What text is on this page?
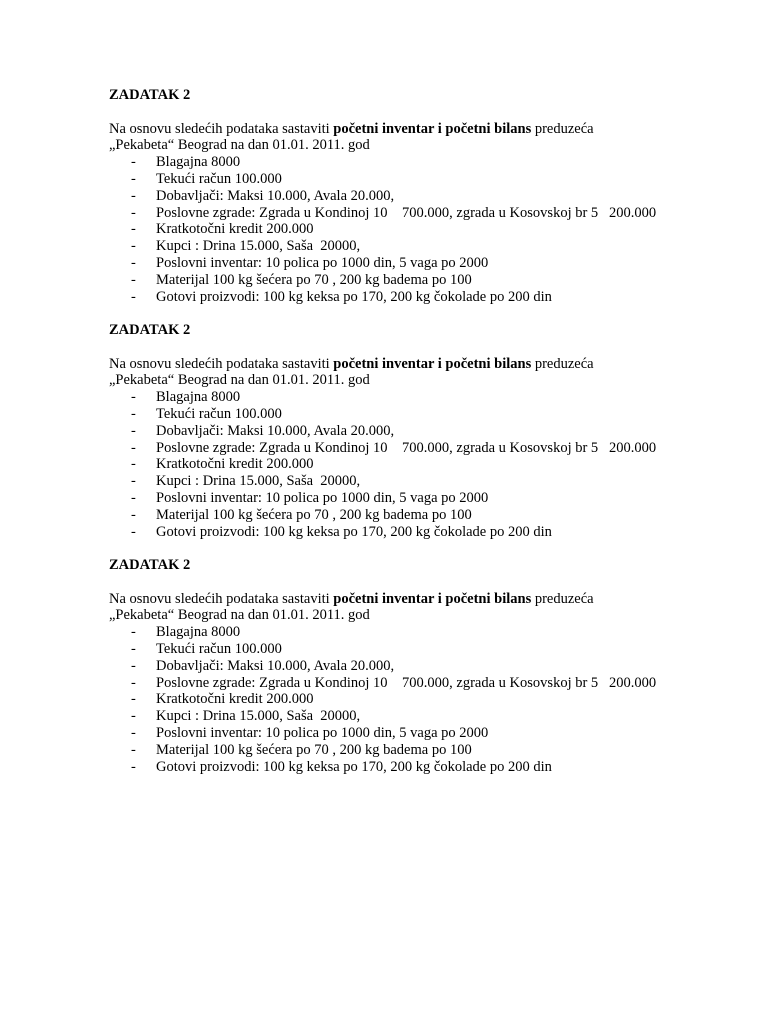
ZADATAK 2

Na osnovu sledećih podataka sastaviti početni inventar i početni bilans preduzeća
„Pekabeta“ Beograd na dan 01.01. 2011. god

- Blagajna 8000
- Tekući račun 100.000
- Dobavljači: Maksi 10.000, Avala 20.000,
- Poslovne zgrade: Zgrada u Kondinoj 10    700.000, zgrada u Kosovskoj br 5   200.000
- Kratkotočni kredit 200.000
- Kupci : Drina 15.000, Saša  20000,
- Poslovni inventar: 10 polica po 1000 din, 5 vaga po 2000
- Materijal 100 kg šećera po 70 , 200 kg badema po 100
- Gotovi proizvodi: 100 kg keksa po 170, 200 kg čokolade po 200 din
ZADATAK 2

Na osnovu sledećih podataka sastaviti početni inventar i početni bilans preduzeća
„Pekabeta“ Beograd na dan 01.01. 2011. god

- Blagajna 8000
- Tekući račun 100.000
- Dobavljači: Maksi 10.000, Avala 20.000,
- Poslovne zgrade: Zgrada u Kondinoj 10    700.000, zgrada u Kosovskoj br 5   200.000
- Kratkotočni kredit 200.000
- Kupci : Drina 15.000, Saša  20000,
- Poslovni inventar: 10 polica po 1000 din, 5 vaga po 2000
- Materijal 100 kg šećera po 70 , 200 kg badema po 100
- Gotovi proizvodi: 100 kg keksa po 170, 200 kg čokolade po 200 din
ZADATAK 2

Na osnovu sledećih podataka sastaviti početni inventar i početni bilans preduzeća
„Pekabeta“ Beograd na dan 01.01. 2011. god

- Blagajna 8000
- Tekući račun 100.000
- Dobavljači: Maksi 10.000, Avala 20.000,
- Poslovne zgrade: Zgrada u Kondinoj 10    700.000, zgrada u Kosovskoj br 5   200.000
- Kratkotočni kredit 200.000
- Kupci : Drina 15.000, Saša  20000,
- Poslovni inventar: 10 polica po 1000 din, 5 vaga po 2000
- Materijal 100 kg šećera po 70 , 200 kg badema po 100
- Gotovi proizvodi: 100 kg keksa po 170, 200 kg čokolade po 200 din
